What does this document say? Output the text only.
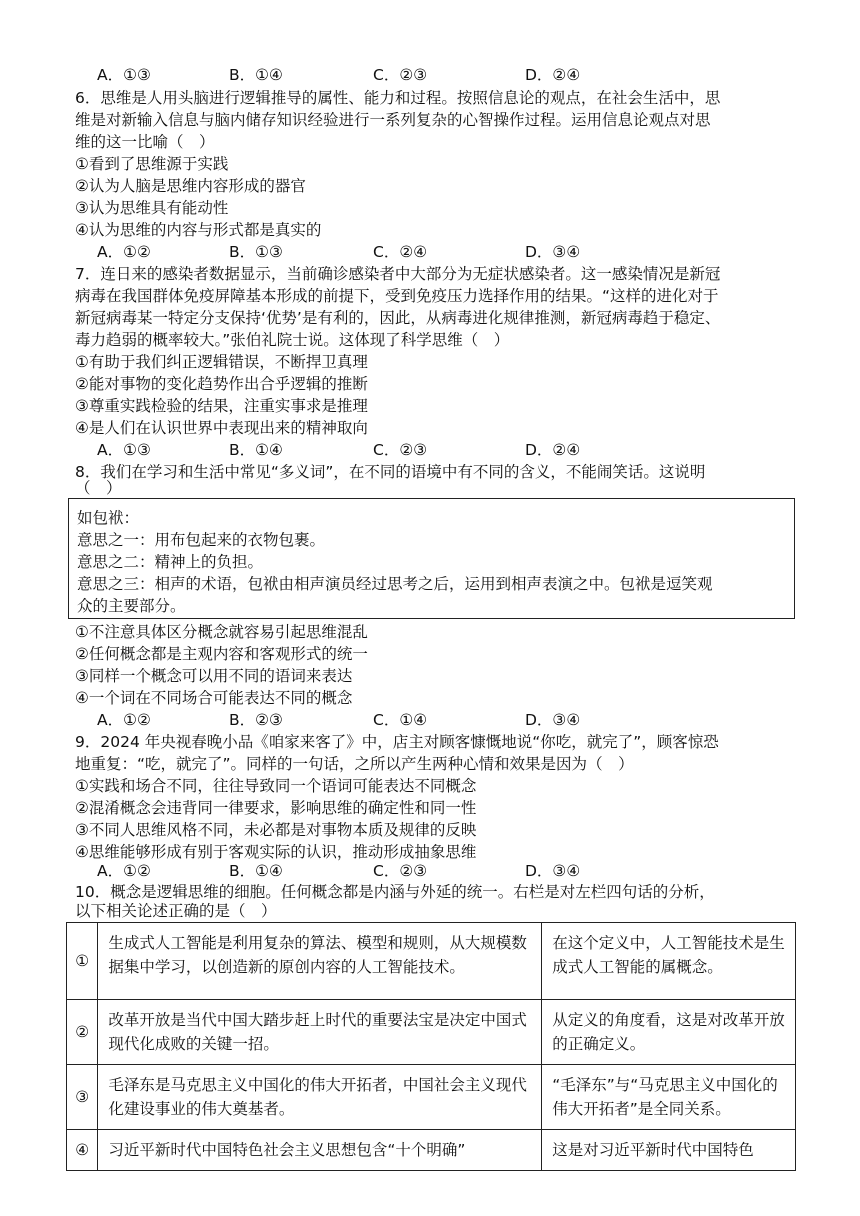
A．①③	B．①④	C．②③	D．②④
6．思维是人用头脑进行逻辑推导的属性、能力和过程。按照信息论的观点，在社会生活中，思
维是对新输入信息与脑内储存知识经验进行一系列复杂的心智操作过程。运用信息论观点对思
维的这一比喻（　）
①看到了思维源于实践
②认为人脑是思维内容形成的器官
③认为思维具有能动性
④认为思维的内容与形式都是真实的
A．①②	B．①③	C．②④	D．③④
7．连日来的感染者数据显示，当前确诊感染者中大部分为无症状感染者。这一感染情况是新冠
病毒在我国群体免疫屏障基本形成的前提下，受到免疫压力选择作用的结果。“这样的进化对于
新冠病毒某一特定分支保持‘优势’是有利的，因此，从病毒进化规律推测，新冠病毒趋于稳定、
毒力趋弱的概率较大。”张伯礼院士说。这体现了科学思维（　）
①有助于我们纠正逻辑错误，不断捍卫真理
②能对事物的变化趋势作出合乎逻辑的推断
③尊重实践检验的结果，注重实事求是推理
④是人们在认识世界中表现出来的精神取向
A．①③	B．①④	C．②③	D．②④
8．我们在学习和生活中常见“多义词”，在不同的语境中有不同的含义，不能闹笑话。这说明
（　）
如包袱：
意思之一：用布包起来的衣物包裹。
意思之二：精神上的负担。
意思之三：相声的术语，包袱由相声演员经过思考之后，运用到相声表演之中。包袱是逗笑观
众的主要部分。
①不注意具体区分概念就容易引起思维混乱
②任何概念都是主观内容和客观形式的统一
③同样一个概念可以用不同的语词来表达
④一个词在不同场合可能表达不同的概念
A．①②	B．②③	C．①④	D．③④
9．2024 年央视春晚小品《咱家来客了》中，店主对顾客慷慨地说“你吃，就完了”，顾客惊恐
地重复：“吃，就完了”。同样的一句话，之所以产生两种心情和效果是因为（　）
①实践和场合不同，往往导致同一个语词可能表达不同概念
②混淆概念会违背同一律要求，影响思维的确定性和同一性
③不同人思维风格不同，未必都是对事物本质及规律的反映
④思维能够形成有别于客观实际的认识，推动形成抽象思维
A．①②	B．①④	C．②③	D．③④
10．概念是逻辑思维的细胞。任何概念都是内涵与外延的统一。右栏是对左栏四句话的分析，
以下相关论述正确的是（　）
①	生成式人工智能是利用复杂的算法、模型和规则，从大规模数据集中学习，以创造新的原创内容的人工智能技术。	在这个定义中，人工智能技术是生成式人工智能的属概念。
②	改革开放是当代中国大踏步赶上时代的重要法宝是决定中国式现代化成败的关键一招。	从定义的角度看，这是对改革开放的正确定义。
③	毛泽东是马克思主义中国化的伟大开拓者，中国社会主义现代化建设事业的伟大奠基者。	“毛泽东”与“马克思主义中国化的伟大开拓者”是全同关系。
④	习近平新时代中国特色社会主义思想包含“十个明确”	这是对习近平新时代中国特色
